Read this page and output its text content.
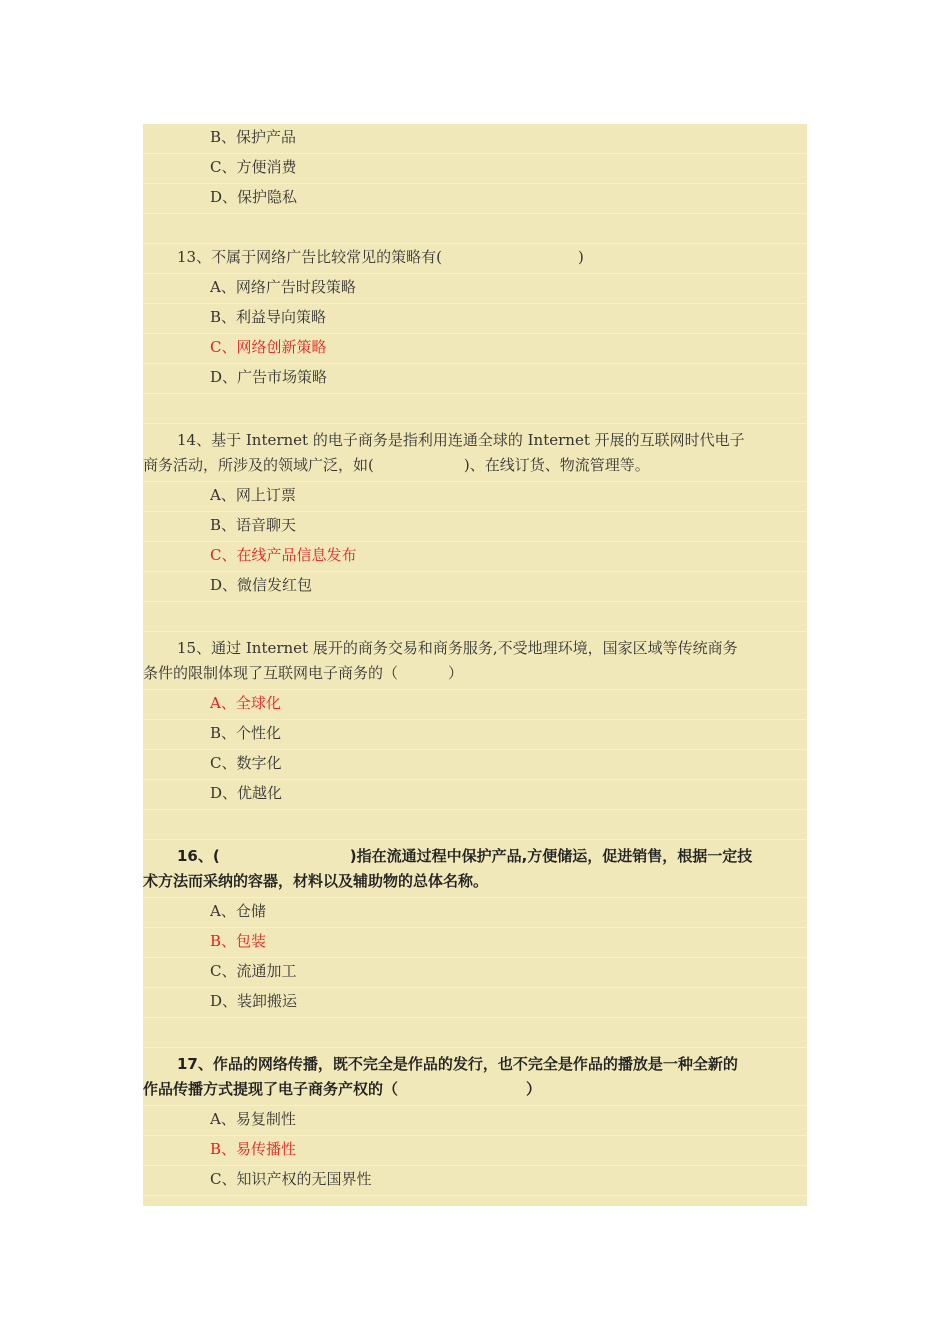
B、保护产品
C、方便消费
D、保护隐私
13、不属于网络广告比较常见的策略有(	)
A、网络广告时段策略
B、利益导向策略
C、网络创新策略
D、广告市场策略
14、基于 Internet 的电子商务是指利用连通全球的 Internet 开展的互联网时代电子
商务活动，所涉及的领域广泛，如(	)、在线订货、物流管理等。
A、网上订票
B、语音聊天
C、在线产品信息发布
D、微信发红包
15、通过 Internet 展开的商务交易和商务服务,不受地理环境，国家区域等传统商务
条件的限制体现了互联网电子商务的（	）
A、全球化
B、个性化
C、数字化
D、优越化
16、(	)指在流通过程中保护产品,方便储运，促进销售，根据一定技
术方法而采纳的容器，材料以及辅助物的总体名称。
A、仓储
B、包装
C、流通加工
D、装卸搬运
17、作品的网络传播，既不完全是作品的发行，也不完全是作品的播放是一种全新的
作品传播方式提现了电子商务产权的（	）
A、易复制性
B、易传播性
C、知识产权的无国界性
